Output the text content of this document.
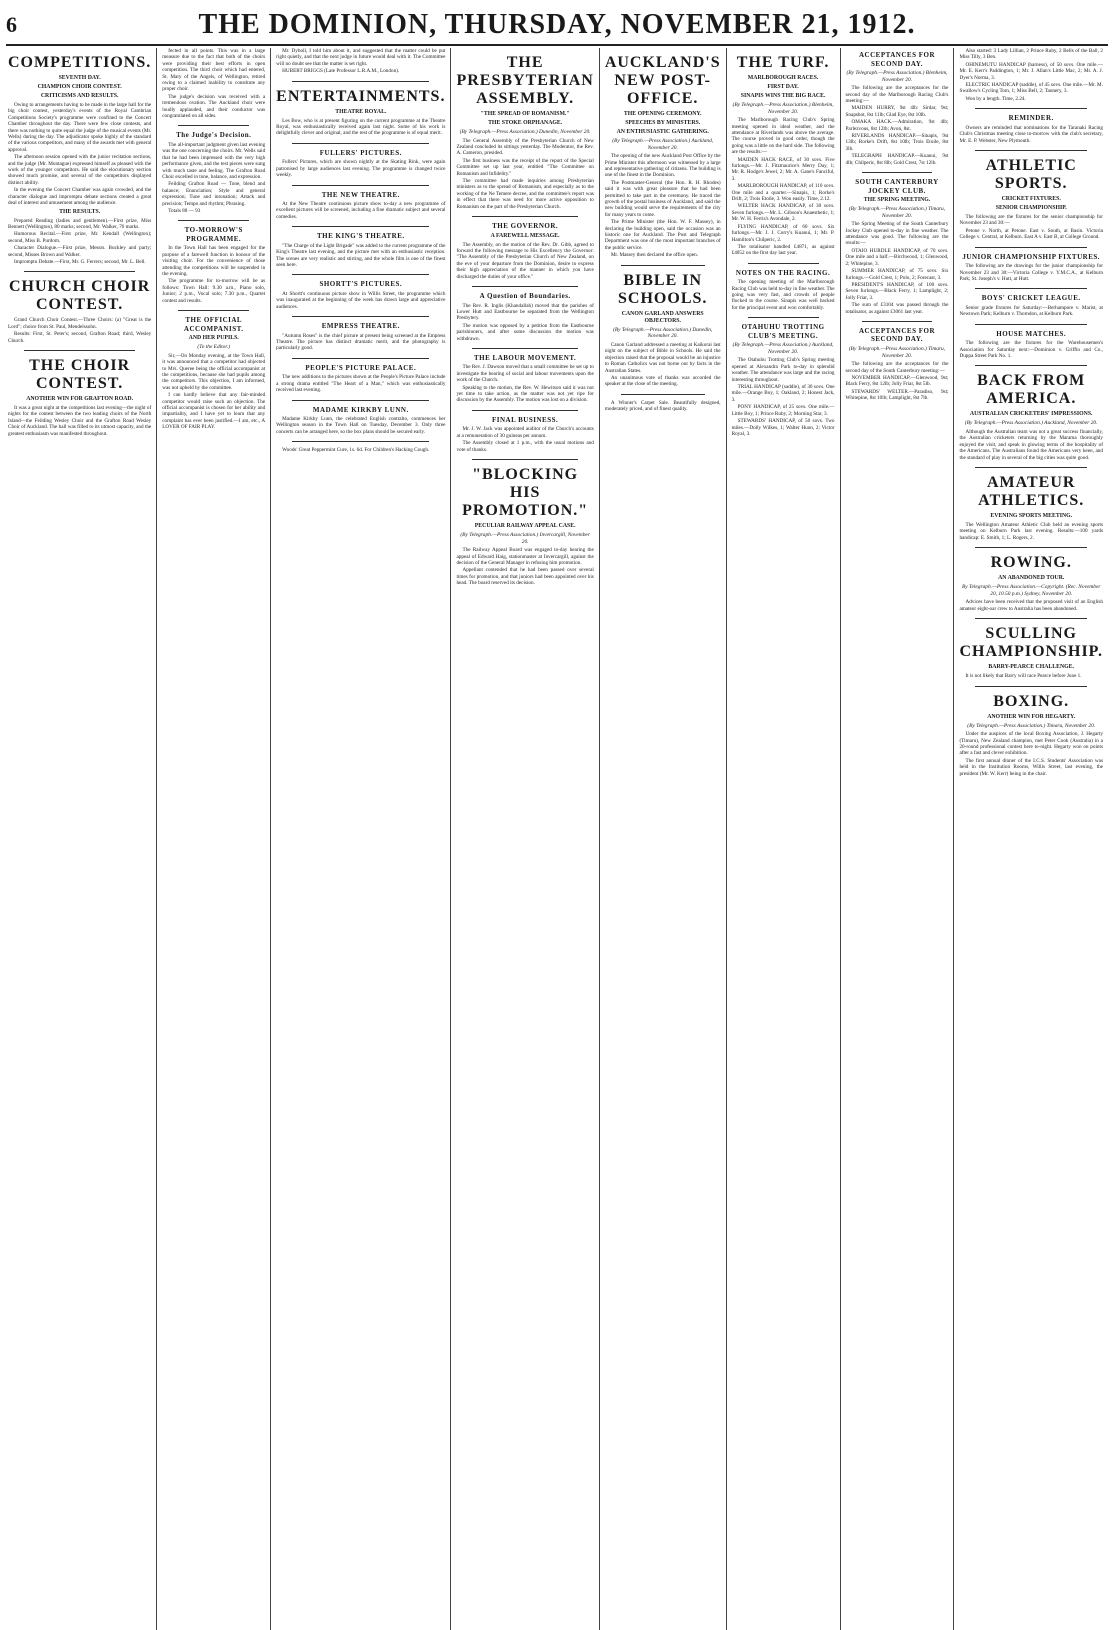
6	THE DOMINION, THURSDAY, NOVEMBER 21, 1912.
COMPETITIONS.
SEVENTH DAY.
CHAMPION CHOIR CONTEST.
CRITICISMS AND RESULTS.

Owing to arrangements having to be made in the large hall for the big choir contest, yesterday's events of the Royal Cambrian Competitions Society's programme were confined to the Concert Chamber throughout the day. There were few close contests, and there was nothing to quite equal the judge of the musical events (Mr. Wells) during the day. The adjudicator spoke highly of the standard of the various competitors, and many of the awards met with general approval.

The afternoon session opened with the junior recitation sections, and the judge (Mr. Montague) expressed himself as pleased with the work of the younger competitors. He said the elocutionary section showed much promise, and several of the competitors displayed distinct ability.

In the evening the Concert Chamber was again crowded, and the character dialogue and impromptu debate sections created a great deal of interest and amusement among the audience.

THE RESULTS.

Prepared Reading (ladies and gentlemen).—First prize, Miss Bennett (Wellington), 80 marks; second, Mr. Walker, 76 marks.

Humorous Recital.—First prize, Mr. Kendall (Wellington); second, Miss B. Purdom.

Character Dialogue.—First prize, Messrs. Buckley and party; second, Misses Brown and Walker.

Impromptu Debate.—First, Mr. G. Ferrers; second, Mr. L. Bell.

CHURCH CHOIR CONTEST.

Grand Church Choir Contest.—Three Choirs: (a) "Great is the Lord"; choice from St. Paul, Mendelssohn.

Results: First, St. Peter's; second, Grafton Road; third, Wesley Church.

THE CHOIR CONTEST.
ANOTHER WIN FOR GRAFTON ROAD.

It was a great night at the competitions last evening—the night of nights for the contest between the two leading choirs of the North Island—the Feilding Wesley Choir and the Grafton Road Wesley Choir of Auckland. The hall was filled to its utmost capacity, and the greatest enthusiasm was manifested throughout.

fected in all points. This was in a large measure due to the fact that both of the choirs were providing their best efforts in open competition. The third choir which had entered, St. Mary of the Angels, of Wellington, retired owing to a claimed inability to constitute any proper choir.

The judge's decision was received with a tremendous ovation. The Auckland choir were loudly applauded, and their conductor was congratulated on all sides.

The Judge's Decision.

The all-important judgment given last evening was the one concerning the choirs. Mr. Wells said that he had been impressed with the very high performance given, and the test pieces were sung with much taste and feeling. The Grafton Road Choir excelled in tone, balance, and expression.

Feilding Grafton Road — Tone, blend and balance; Enunciation; Style and general expression; Tune and intonation; Attack and precision; Tempo and rhythm; Phrasing.

Totals 88 — 93

TO-MORROW'S PROGRAMME.

In the Town Hall has been engaged for the purpose of a farewell function in honour of the visiting choir. For the convenience of those attending the competitions will be suspended in the evening.

The programme for to-morrow will be as follows: Town Hall: 9.30 a.m., Piano solo, Junior; 2 p.m., Vocal solo; 7.30 p.m., Quartet contest and results.

THE OFFICIAL ACCOMPANIST.
AND HER PUPILS.
(To the Editor.)

Sir,—On Monday evening, at the Town Hall, it was announced that a competitor had objected to Mrs. Queree being the official accompanist at the competitions, because she had pupils among the competitors. This objection, I am informed, was not upheld by the committee.

I can hardly believe that any fair-minded competitor would raise such an objection. The official accompanist is chosen for her ability and impartiality, and I have yet to learn that any complaint has ever been justified.—I am, etc., A LOVER OF FAIR PLAY.

Mr. Dyboll, I told him about it, and suggested that the matter could be put right quietly, and that the next judge in future would deal with it. The Committee will no doubt see that the matter is set right.

HUBERT BRIGGS (Late Professor L.R.A.M., London).

ENTERTAINMENTS.
THEATRE ROYAL.

Les Bow, who is at present figuring on the current programme at the Theatre Royal, was enthusiastically received again last night. Some of his work is delightfully clever and original, and the rest of the programme is of equal merit.

FULLERS' PICTURES.

Fullers' Pictures, which are shown nightly at the Skating Rink, were again patronised by large audiences last evening. The programme is changed twice weekly.

THE NEW THEATRE.

At the New Theatre continuous picture show to-day a new programme of excellent pictures will be screened, including a fine dramatic subject and several comedies.

THE KING'S THEATRE.

"The Charge of the Light Brigade" was added to the current programme of the King's Theatre last evening, and the picture met with an enthusiastic reception. The scenes are very realistic and stirring, and the whole film is one of the finest seen here.

SHORTT'S PICTURES.

At Shortt's continuous picture show in Willis Street, the programme which was inaugurated at the beginning of the week has drawn large and appreciative audiences.

EMPRESS THEATRE.

"Autumn Roses" is the chief picture at present being screened at the Empress Theatre. The picture has distinct dramatic merit, and the photography is particularly good.

PEOPLE'S PICTURE PALACE.

The new additions to the pictures shown at the People's Picture Palace include a strong drama entitled "The Heart of a Man," which was enthusiastically received last evening.

MADAME KIRKBY LUNN.

Madame Kirkby Lunn, the celebrated English contralto, commences her Wellington season in the Town Hall on Tuesday, December 3. Only three concerts can be arranged here, so the box plans should be secured early.

Woods' Great Peppermint Cure, 1s. 6d. For Children's Hacking Cough.

THE PRESBYTERIAN ASSEMBLY.
"THE SPREAD OF ROMANISM."
THE STOKE ORPHANAGE.
(By Telegraph.—Press Association.) Dunedin, November 20.

The General Assembly of the Presbyterian Church of New Zealand concluded its sittings yesterday. The Moderator, the Rev. A. Cameron, presided.

The first business was the receipt of the report of the Special Committee set up last year, entitled "The Committee on Romanism and Infidelity."

The committee had made inquiries among Presbyterian ministers as to the spread of Romanism, and especially as to the working of the Ne Temere decree, and the committee's report was in effect that there was need for more active opposition to Romanism on the part of the Presbyterian Church.

THE GOVERNOR.
A FAREWELL MESSAGE.

The Assembly, on the motion of the Rev. Dr. Gibb, agreed to forward the following message to His Excellency the Governor: "The Assembly of the Presbyterian Church of New Zealand, on the eve of your departure from the Dominion, desire to express their high appreciation of the manner in which you have discharged the duties of your office."

A Question of Boundaries.

The Rev. R. Inglis (Khandallah) moved that the parishes of Lower Hutt and Eastbourne be separated from the Wellington Presbytery.

The motion was opposed by a petition from the Eastbourne parishioners, and after some discussion the motion was withdrawn.

THE LABOUR MOVEMENT.

The Rev. J. Dawson moved that a small committee be set up to investigate the bearing of social and labour movements upon the work of the Church.

Speaking to the motion, the Rev. W. Hewitson said it was not yet time to take action, as the matter was not yet ripe for discussion by the Assembly. The motion was lost on a division.

FINAL BUSINESS.

Mr. J. W. Jack was appointed auditor of the Church's accounts at a remuneration of 30 guineas per annum.

The Assembly closed at 1 p.m., with the usual motions and vote of thanks.

"BLOCKING HIS PROMOTION."
PECULIAR RAILWAY APPEAL CASE.
(By Telegraph.—Press Association.) Invercargill, November 20.

The Railway Appeal Board was engaged to-day hearing the appeal of Edward Haig, stationmaster at Invercargill, against the decision of the General Manager in refusing him promotion.

Appellant contended that he had been passed over several times for promotion, and that juniors had been appointed over his head. The board reserved its decision.

AUCKLAND'S NEW POST-OFFICE.
THE OPENING CEREMONY.
SPEECHES BY MINISTERS.
AN ENTHUSIASTIC GATHERING.
(By Telegraph.—Press Association.) Auckland, November 20.

The opening of the new Auckland Post Office by the Prime Minister this afternoon was witnessed by a large and representative gathering of citizens. The building is one of the finest in the Dominion.

The Postmaster-General (the Hon. R. H. Rhodes) said it was with great pleasure that he had been permitted to take part in the ceremony. He traced the growth of the postal business of Auckland, and said the new building would serve the requirements of the city for many years to come.

The Prime Minister (the Hon. W. F. Massey), in declaring the building open, said the occasion was an historic one for Auckland. The Post and Telegraph Department was one of the most important branches of the public service.

Mr. Massey then declared the office open.

BIBLE IN SCHOOLS.
CANON GARLAND ANSWERS OBJECTORS.
(By Telegraph.—Press Association.) Dunedin, November 20.

Canon Garland addressed a meeting at Kaikorai last night on the subject of Bible in Schools. He said the objection raised that the proposal would be an injustice to Roman Catholics was not borne out by facts in the Australian States.

An unanimous vote of thanks was accorded the speaker at the close of the meeting.

A Winner's Carpet Sale. Beautifully designed, moderately priced, and of finest quality.

THE TURF.
MARLBOROUGH RACES.
FIRST DAY.
SINAPIS WINS THE BIG RACE.
(By Telegraph.—Press Association.) Blenheim, November 20.

The Marlborough Racing Club's Spring meeting opened in ideal weather, and the attendance at Riverlands was above the average. The course proved in good order, though the going was a little on the hard side. The following are the results:—

MAIDEN HACK RACE, of 30 sovs. Five furlongs.—Mr. J. Fitzmaurice's Merry Day, 1; Mr. R. Hodge's Jewel, 2; Mr. A. Gane's Fanciful, 3.

MARLBOROUGH HANDICAP, of 110 sovs. One mile and a quarter.—Sinapis, 1; Rorke's Drift, 2; Trois Etoile, 3. Won easily. Time, 2.12.

WELTER HACK HANDICAP, of 30 sovs. Seven furlongs.—Mr. L. Gibson's Anaesthetic, 1; Mr. W. H. Ferris's Avondale, 2.

FLYING HANDICAP, of 60 sovs. Six furlongs.—Mr. J. J. Corry's Kuanui, 1; Mr. P. Hamilton's Chilperic, 2.

The totalisator handled £4871, as against £4052 on the first day last year.

NOTES ON THE RACING.

The opening meeting of the Marlborough Racing Club was held to-day in fine weather. The going was very fast, and crowds of people flocked to the course. Sinapis was well backed for the principal event and won comfortably.

OTAHUHU TROTTING CLUB'S MEETING.
(By Telegraph.—Press Association.) Auckland, November 20.

The Otahuhu Trotting Club's Spring meeting opened at Alexandra Park to-day in splendid weather. The attendance was large and the racing interesting throughout.

TRIAL HANDICAP (saddle), of 30 sovs. One mile.—Orange Boy, 1; Oakland, 2; Honest Jack, 3.

PONY HANDICAP, of 25 sovs. One mile.—Little Boy, 1; Prince Ruby, 2; Morning Star, 3.

STEWARDS' HANDICAP, of 50 sovs. Two miles.—Dolly Wilkes, 1; Walter Huon, 2; Victor Royal, 3.

ACCEPTANCES FOR SECOND DAY.
(By Telegraph.—Press Association.) Blenheim, November 20.

The following are the acceptances for the second day of the Marlborough Racing Club's meeting:—

MAIDEN HURRY, 9st 4lb: Sirdar, 9st; Snapshot, 8st 11lb; Glad Eye, 8st 10lb.

OMAKA HACK.—Admiration, 9st 4lb; Parlezvous, 8st 12lb; Avon, 8st.

RIVERLANDS HANDICAP.—Sinapis, 9st 13lb; Rorke's Drift, 8st 10lb; Trois Etoile, 8st 3lb.

TELEGRAPH HANDICAP.—Kuanui, 9st 4lb; Chilperic, 8st 8lb; Gold Crest, 7st 12lb.

SOUTH CANTERBURY JOCKEY CLUB.
THE SPRING MEETING.
(By Telegraph.—Press Association.) Timaru, November 20.

The Spring Meeting of the South Canterbury Jockey Club opened to-day in fine weather. The attendance was good. The following are the results:—

OTAIO HURDLE HANDICAP, of 70 sovs. One mile and a half.—Birchwood, 1; Glenwood, 2; Whitepine, 3.

SUMMER HANDICAP, of 75 sovs. Six furlongs.—Gold Crest, 1; Polo, 2; Forecast, 3.

PRESIDENT'S HANDICAP, of 100 sovs. Seven furlongs.—Black Ferry, 1; Lamplight, 2; Jolly Friar, 3.

The sum of £3104 was passed through the totalisator, as against £3061 last year.

ACCEPTANCES FOR SECOND DAY.
(By Telegraph.—Press Association.) Timaru, November 20.

The following are the acceptances for the second day of the South Canterbury meeting:—

NOVEMBER HANDICAP.—Glenwood, 9st; Black Ferry, 8st 12lb; Jolly Friar, 8st 5lb.

STEWARDS' WELTER.—Paradiso, 9st; Whitepine, 8st 10lb; Lamplight, 8st 7lb.

Also started: 3 Lady Lillian, 2 Prince Ruby, 2 Bells of the Ball, 2 Miss Tilly, 3 Ben.

OHINEMUTU HANDICAP (harness), of 50 sovs. One mile.—Mr. E. Kerr's Paddington, 1; Mr. J. Allan's Little Mac, 2; Mr. A. J. Dyer's Norma, 3.

ELECTRIC HANDICAP (saddle), of 45 sovs. One mile.—Mr. M. Swallow's Cycling Tom, 1; Miss Bell, 2; Tannery, 3.

Won by a length. Time, 2.24.

REMINDER.

Owners are reminded that nominations for the Taranaki Racing Club's Christmas meeting close to-morrow with the club's secretary, Mr. E. P. Webster, New Plymouth.

ATHLETIC SPORTS.
CRICKET FIXTURES.
SENIOR CHAMPIONSHIP.

The following are the fixtures for the senior championship for November 23 and 30:—

Petone v. North, at Petone. East v. South, at Basin. Victoria College v. Central, at Kelburn. East A v. East B, at College Ground.

JUNIOR CHAMPIONSHIP FIXTURES.

The following are the drawings for the junior championship for November 23 and 30:—Victoria College v. Y.M.C.A., at Kelburn Park; St. Joseph's v. Hutt, at Hutt.

BOYS' CRICKET LEAGUE.

Senior grade fixtures for Saturday:—Berhampore v. Marist, at Newtown Park; Kelburn v. Thorndon, at Kelburn Park.

HOUSE MATCHES.

The following are the fixtures for the Warehousemen's Association for Saturday next:—Dominion v. Griffin and Co., Duppa Street Park No. 1.

BACK FROM AMERICA.
AUSTRALIAN CRICKETERS' IMPRESSIONS.
(By Telegraph.—Press Association.) Auckland, November 20.

Although the Australian team was not a great success financially, the Australian cricketers returning by the Marama thoroughly enjoyed the visit, and speak in glowing terms of the hospitality of the Americans. The Australians found the Americans very keen, and the standard of play in several of the big cities was quite good.

AMATEUR ATHLETICS.
EVENING SPORTS MEETING.

The Wellington Amateur Athletic Club held an evening sports meeting on Kelburn Park last evening. Results:—100 yards handicap: E. Smith, 1; L. Rogers, 2.

ROWING.
AN ABANDONED TOUR.
By Telegraph.—Press Association.—Copyright. (Rec. November 20, 10.50 p.m.) Sydney, November 20.

Advices have been received that the proposed visit of an English amateur eight-oar crew to Australia has been abandoned.

SCULLING CHAMPIONSHIP.
BARRY-PEARCE CHALLENGE.

It is not likely that Barry will race Pearce before June 1.

BOXING.
ANOTHER WIN FOR HEGARTY.
(By Telegraph.—Press Association.) Timaru, November 20.

Under the auspices of the local Boxing Association, J. Hegarty (Timaru), New Zealand champion, met Peter Cook (Australia) in a 20-round professional contest here to-night. Hegarty won on points after a fast and clever exhibition.

The first annual dinner of the I.C.S. Students' Association was held in the Institution Rooms, Willis Street, last evening, the president (Mr. W. Kerr) being in the chair.
